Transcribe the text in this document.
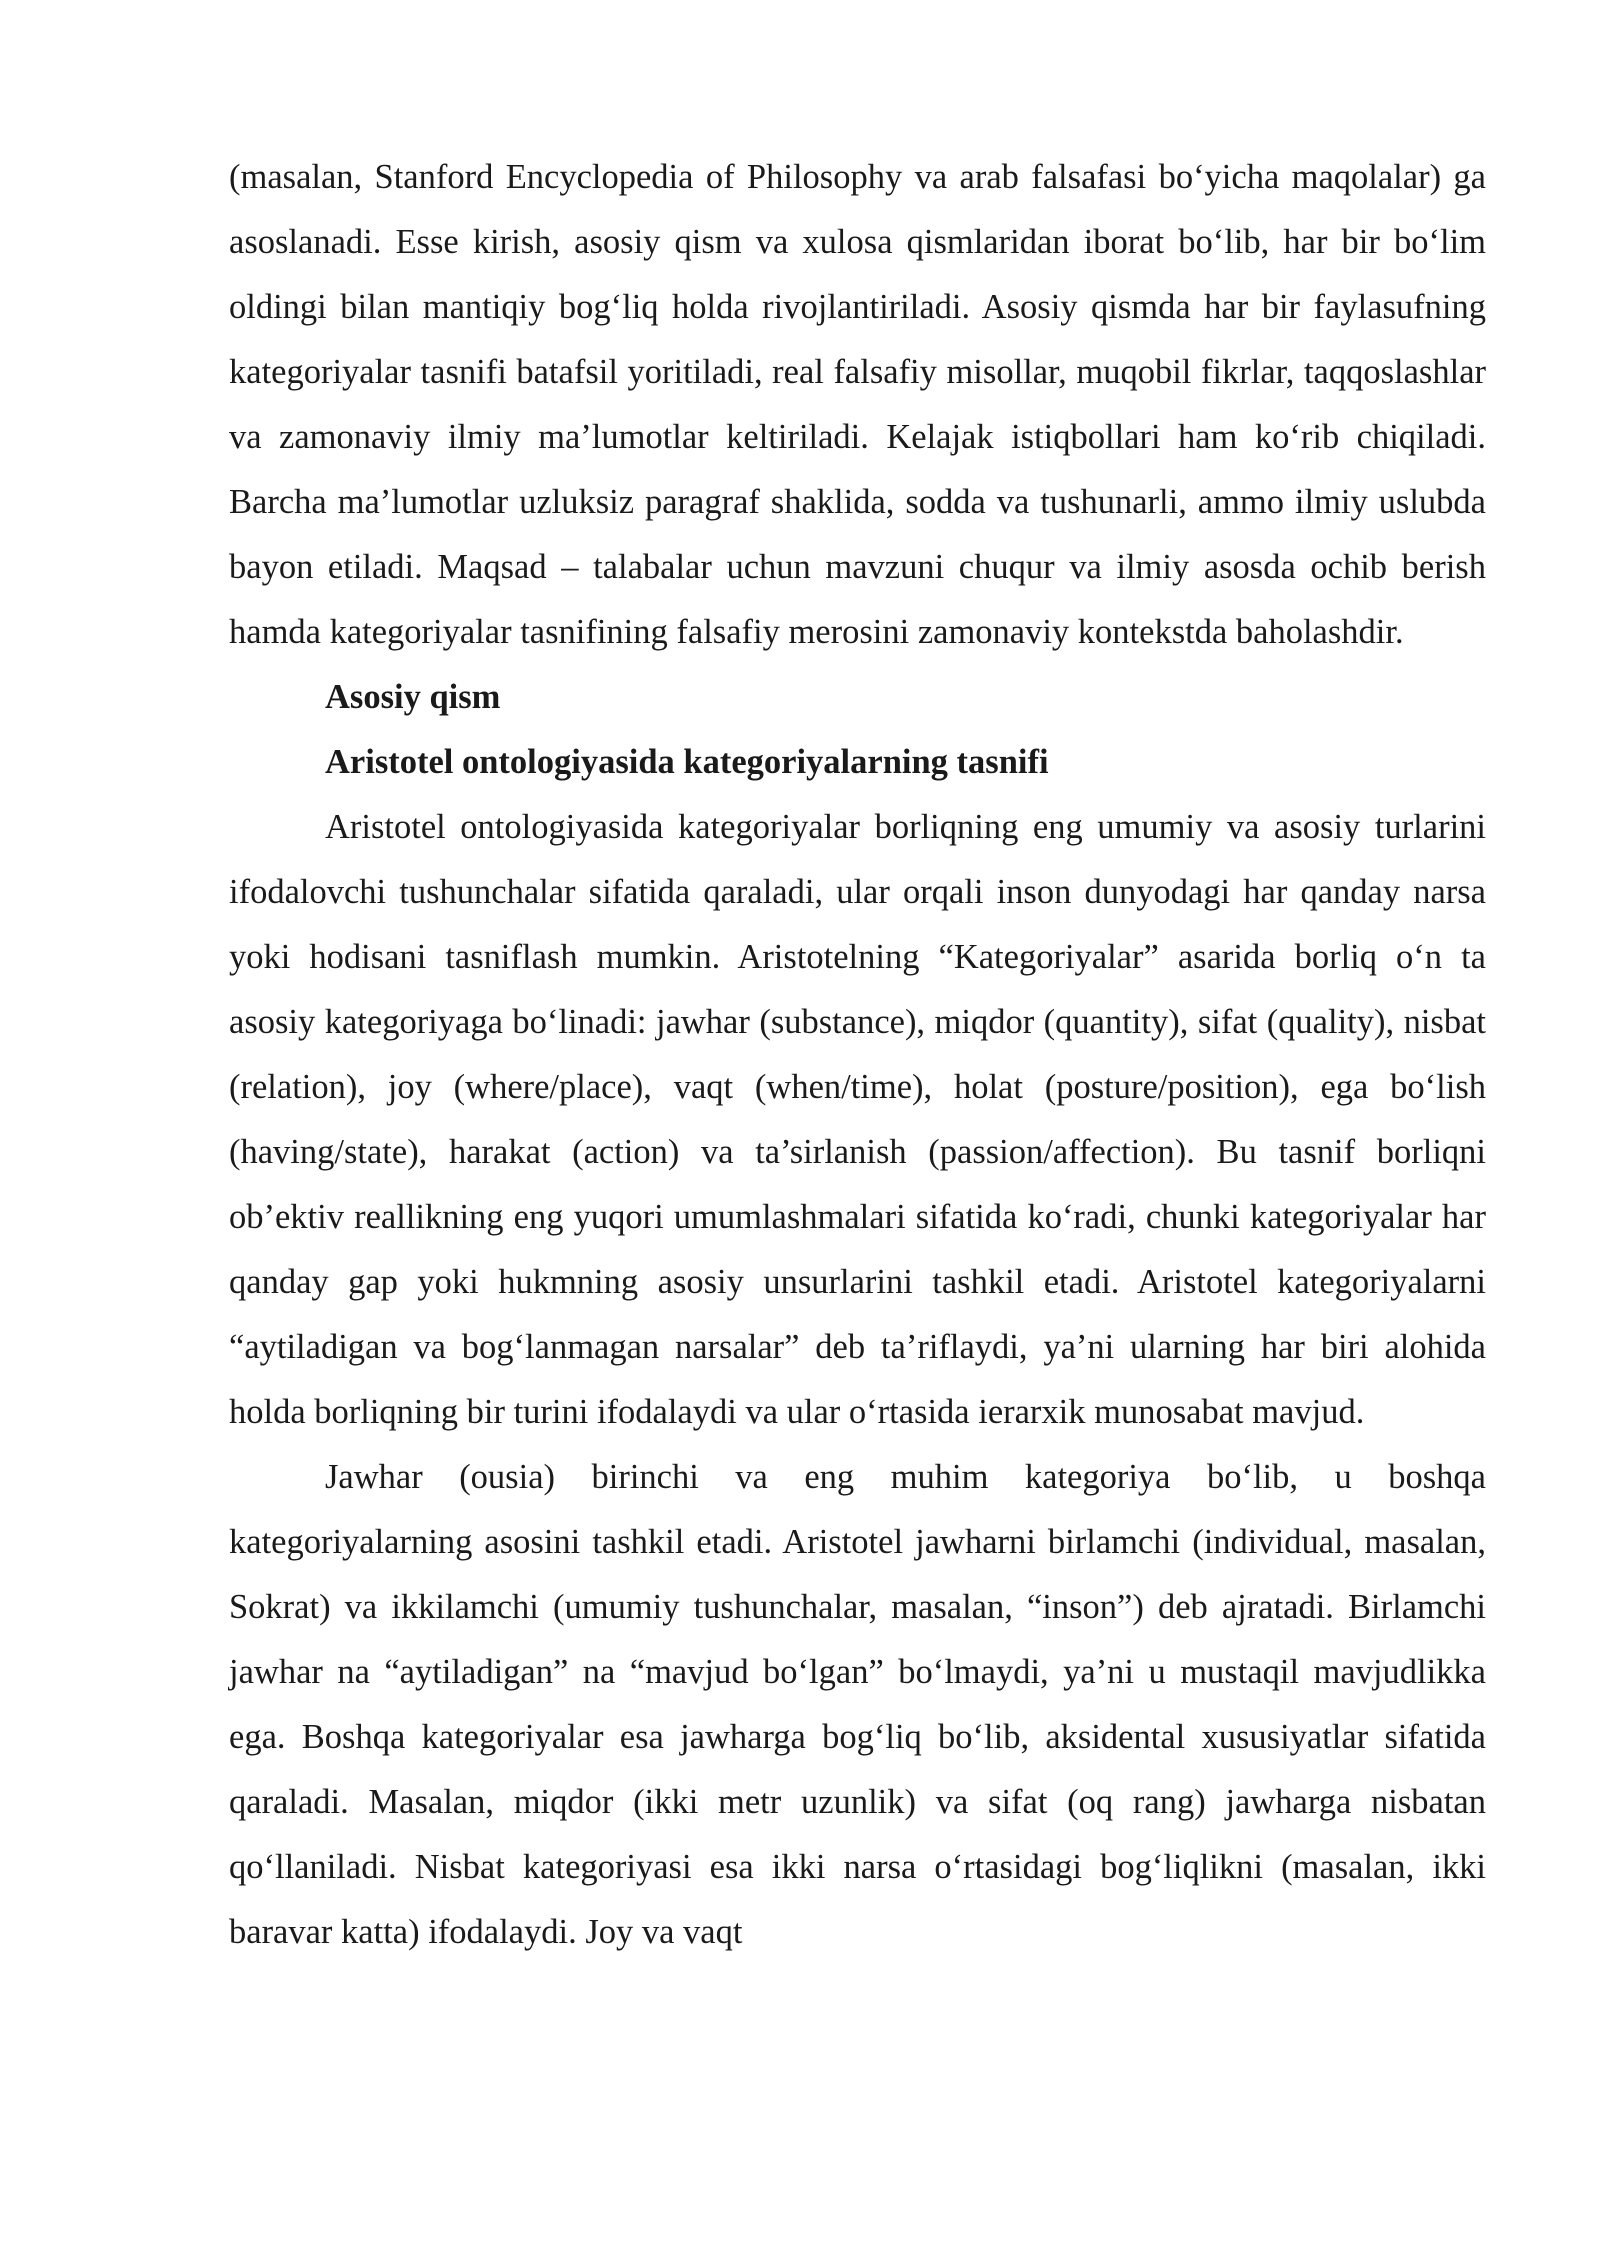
(masalan, Stanford Encyclopedia of Philosophy va arab falsafasi bo‘yicha maqolalar) ga asoslanadi. Esse kirish, asosiy qism va xulosa qismlaridan iborat bo‘lib, har bir bo‘lim oldingi bilan mantiqiy bog‘liq holda rivojlantiriladi. Asosiy qismda har bir faylasufning kategoriyalar tasnifi batafsil yoritiladi, real falsafiy misollar, muqobil fikrlar, taqqoslashlar va zamonaviy ilmiy ma’lumotlar keltiriladi. Kelajak istiqbollari ham ko‘rib chiqiladi. Barcha ma’lumotlar uzluksiz paragraf shaklida, sodda va tushunarli, ammo ilmiy uslubda bayon etiladi. Maqsad – talabalar uchun mavzuni chuqur va ilmiy asosda ochib berish hamda kategoriyalar tasnifining falsafiy merosini zamonaviy kontekstda baholashdir.

Asosiy qism

Aristotel ontologiyasida kategoriyalarning tasnifi

Aristotel ontologiyasida kategoriyalar borliqning eng umumiy va asosiy turlarini ifodalovchi tushunchalar sifatida qaraladi, ular orqali inson dunyodagi har qanday narsa yoki hodisani tasniflash mumkin. Aristotelning “Kategoriyalar” asarida borliq o‘n ta asosiy kategoriyaga bo‘linadi: jawhar (substance), miqdor (quantity), sifat (quality), nisbat (relation), joy (where/place), vaqt (when/time), holat (posture/position), ega bo‘lish (having/state), harakat (action) va ta’sirlanish (passion/affection). Bu tasnif borliqni ob’ektiv reallikning eng yuqori umumlashmalari sifatida ko‘radi, chunki kategoriyalar har qanday gap yoki hukmning asosiy unsurlarini tashkil etadi. Aristotel kategoriyalarni “aytiladigan va bog‘lanmagan narsalar” deb ta’riflaydi, ya’ni ularning har biri alohida holda borliqning bir turini ifodalaydi va ular o‘rtasida ierarxik munosabat mavjud.

Jawhar (ousia) birinchi va eng muhim kategoriya bo‘lib, u boshqa kategoriyalarning asosini tashkil etadi. Aristotel jawharni birlamchi (individual, masalan, Sokrat) va ikkilamchi (umumiy tushunchalar, masalan, “inson”) deb ajratadi. Birlamchi jawhar na “aytiladigan” na “mavjud bo‘lgan” bo‘lmaydi, ya’ni u mustaqil mavjudlikka ega. Boshqa kategoriyalar esa jawharga bog‘liq bo‘lib, aksidental xususiyatlar sifatida qaraladi. Masalan, miqdor (ikki metr uzunlik) va sifat (oq rang) jawharga nisbatan qo‘llaniladi. Nisbat kategoriyasi esa ikki narsa o‘rtasidagi bog‘liqlikni (masalan, ikki baravar katta) ifodalaydi. Joy va vaqt
